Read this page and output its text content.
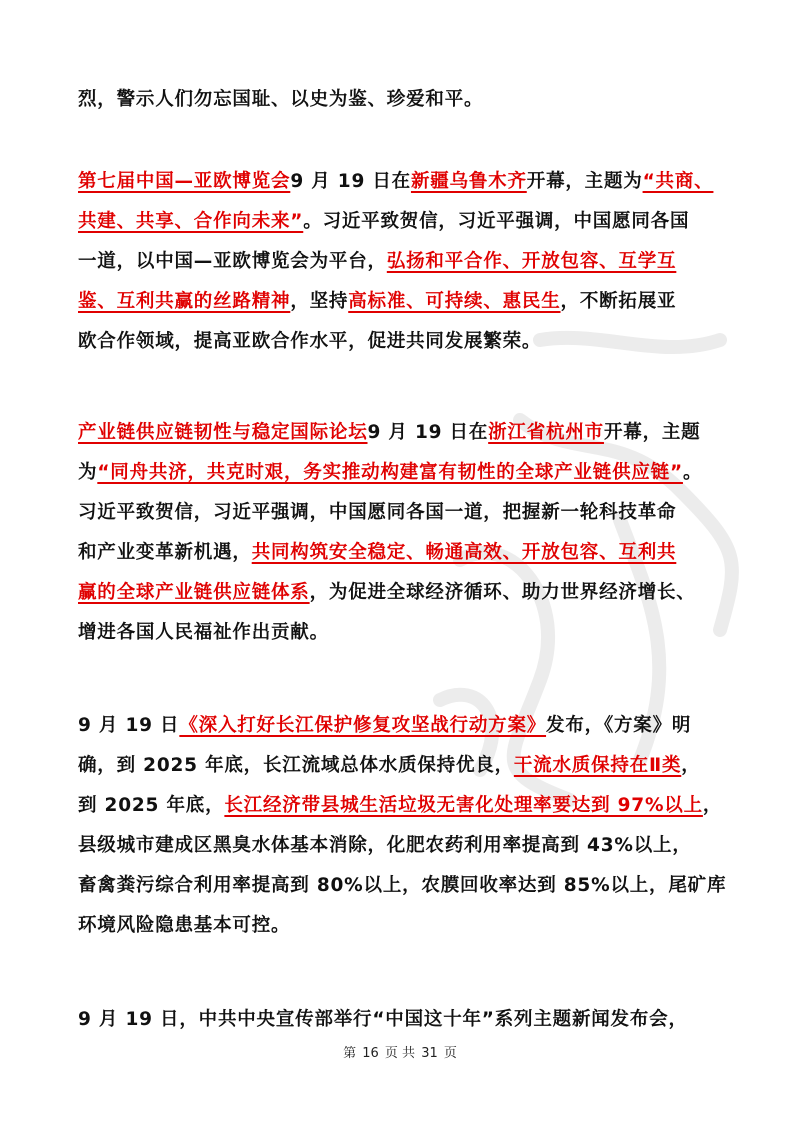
烈，警示人们勿忘国耻、以史为鉴、珍爱和平。
第七届中国—亚欧博览会9 月 19 日在新疆乌鲁木齐开幕，主题为“共商、
共建、共享、合作向未来”。习近平致贺信，习近平强调，中国愿同各国
一道，以中国—亚欧博览会为平台，弘扬和平合作、开放包容、互学互
鉴、互利共赢的丝路精神，坚持高标准、可持续、惠民生，不断拓展亚
欧合作领域，提高亚欧合作水平，促进共同发展繁荣。
产业链供应链韧性与稳定国际论坛9 月 19 日在浙江省杭州市开幕，主题
为“同舟共济，共克时艰，务实推动构建富有韧性的全球产业链供应链”。
习近平致贺信，习近平强调，中国愿同各国一道，把握新一轮科技革命
和产业变革新机遇，共同构筑安全稳定、畅通高效、开放包容、互利共
赢的全球产业链供应链体系，为促进全球经济循环、助力世界经济增长、
增进各国人民福祉作出贡献。
9 月 19 日《深入打好长江保护修复攻坚战行动方案》发布，《方案》明
确，到 2025 年底，长江流域总体水质保持优良，干流水质保持在Ⅱ类，
到 2025 年底，长江经济带县城生活垃圾无害化处理率要达到 97%以上，
县级城市建成区黑臭水体基本消除，化肥农药利用率提高到 43%以上，
畜禽粪污综合利用率提高到 80%以上，农膜回收率达到 85%以上，尾矿库
环境风险隐患基本可控。
9 月 19 日，中共中央宣传部举行“中国这十年”系列主题新闻发布会，
第 16 页 共 31 页
